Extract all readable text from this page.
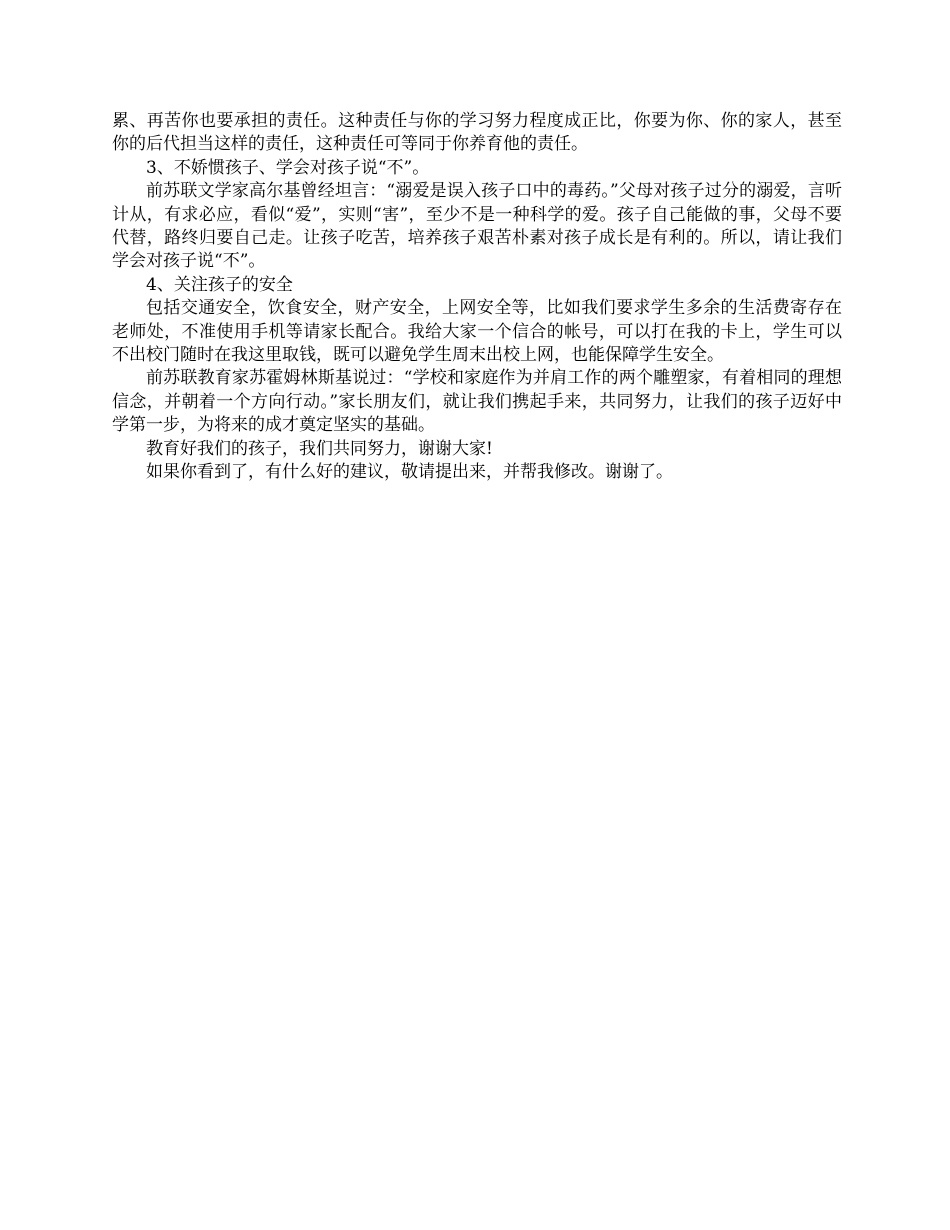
累、再苦你也要承担的责任。这种责任与你的学习努力程度成正比，你要为你、你的家人，甚至你的后代担当这样的责任，这种责任可等同于你养育他的责任。

3、不娇惯孩子、学会对孩子说“不”。

前苏联文学家高尔基曾经坦言：“溺爱是误入孩子口中的毒药。”父母对孩子过分的溺爱，言听计从，有求必应，看似“爱”，实则“害”，至少不是一种科学的爱。孩子自己能做的事，父母不要代替，路终归要自己走。让孩子吃苦，培养孩子艰苦朴素对孩子成长是有利的。所以，请让我们学会对孩子说“不”。

4、关注孩子的安全

包括交通安全，饮食安全，财产安全，上网安全等，比如我们要求学生多余的生活费寄存在老师处，不准使用手机等请家长配合。我给大家一个信合的帐号，可以打在我的卡上，学生可以不出校门随时在我这里取钱，既可以避免学生周末出校上网，也能保障学生安全。

前苏联教育家苏霍姆林斯基说过：“学校和家庭作为并肩工作的两个雕塑家，有着相同的理想信念，并朝着一个方向行动。”家长朋友们，就让我们携起手来，共同努力，让我们的孩子迈好中学第一步，为将来的成才奠定坚实的基础。

教育好我们的孩子，我们共同努力，谢谢大家!

如果你看到了，有什么好的建议，敬请提出来，并帮我修改。谢谢了。
